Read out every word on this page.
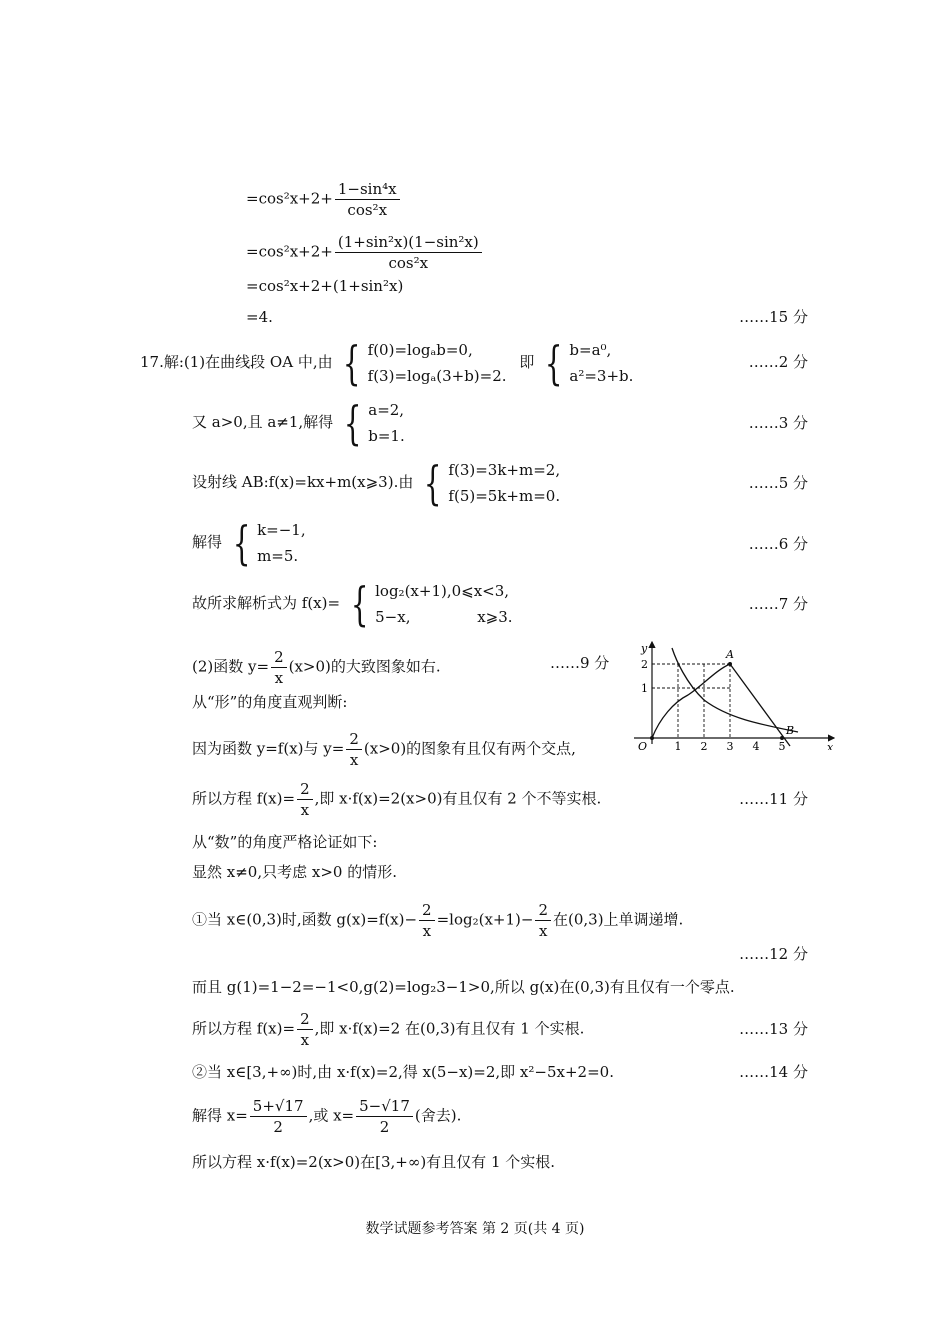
$=\cos^2x+2+ \frac{\text{1−sin⁴x}}{\text{cos²x}}$
$=\cos^2x+2+ \frac{\text{(1+sin²x)(1−sin²x)}}{\text{cos²x}}$
=cos²x+2+(1+sin²x)
=4.	……15 分
17.解:(1)在曲线段 OA 中,由 { f(0)=logₐb=0,
f(3)=logₐ(3+b)=2.
即 { b=a⁰,
a²=3+b.
……2 分
又 a>0,且 a≠1,解得 { a=2,
b=1.
……3 分
设射线 AB:f(x)=kx+m(x⩾3).由 { f(3)=3k+m=2,
f(5)=5k+m=0.
……5 分
解得 { k=−1,
m=5.
……6 分
故所求解析式为 f(x)= { log₂(x+1),0⩽x<3,
5−x,              x⩾3.
……7 分
(2)函数 $y= \frac{2}{x} (x>0)$的大致图象如右.	……9 分
从“形”的角度直观判断:
因为函数 y=f(x)与 $y= \frac{2}{x} (x>0)$的图象有且仅有两个交点,	x
y
O 1 2 3 4 5
1
2
A
B
所以方程 $f(x)= \frac{2}{x}$ ,即 x·f(x)=2(x>0)有且仅有 2 个不等实根.	……11 分
从“数”的角度严格论证如下:
显然 x≠0,只考虑 x>0 的情形.
①当 x∈(0,3)时,函数 $g(x)=f(x)- \frac{2}{x} =\log_2(x+1)- \frac{2}{x}$ 在(0,3)上单调递增.
……12 分
而且 g(1)=1−2=−1<0,g(2)=log₂3−1>0,所以 g(x)在(0,3)有且仅有一个零点.
所以方程 $f(x)= \frac{2}{x}$ ,即 x·f(x)=2 在(0,3)有且仅有 1 个实根.	……13 分
②当 x∈[3,+∞)时,由 x·f(x)=2,得 x(5−x)=2,即 x²−5x+2=0.	……14 分
解得 $x= \frac{5+√17}{2}$ ,或 $x= \frac{5-√17}{2}$ (舍去).
所以方程 x·f(x)=2(x>0)在[3,+∞)有且仅有 1 个实根.
数学试题参考答案 第 2 页(共 4 页)
